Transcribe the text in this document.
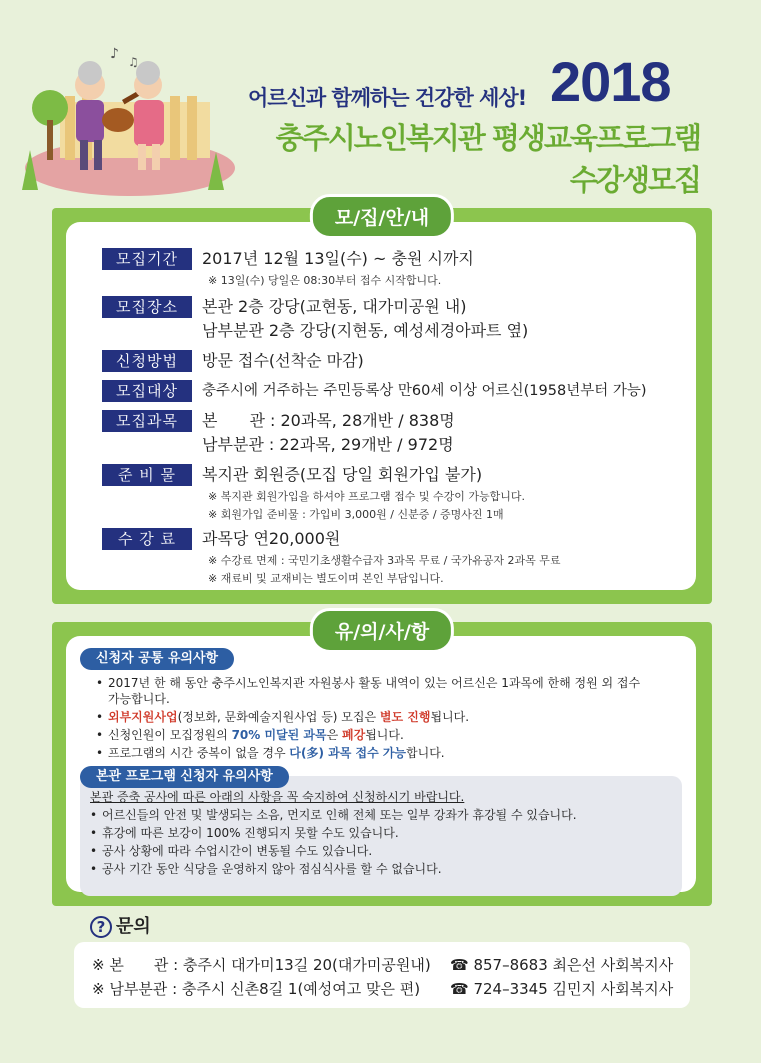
♪ ♫
어르신과 함께하는 건강한 세상! 2018
충주시노인복지관 평생교육프로그램
수강생모집
모집기간	2017년 12월 13일(수) ~ 충원 시까지
※ 13일(수) 당일은 08:30부터 접수 시작합니다.
모집장소	본관 2층 강당(교현동, 대가미공원 내)
남부분관 2층 강당(지현동, 예성세경아파트 옆)
신청방법	방문 접수(선착순 마감)
모집대상	충주시에 거주하는 주민등록상 만60세 이상 어르신(1958년부터 가능)
모집과목	본　　관 : 20과목, 28개반 / 838명
남부분관 : 22과목, 29개반 / 972명
준 비 물	복지관 회원증(모집 당일 회원가입 불가)
※ 복지관 회원가입을 하셔야 프로그램 접수 및 수강이 가능합니다.
※ 회원가입 준비물 : 가입비 3,000원 / 신분증 / 증명사진 1매
수 강 료	과목당 연20,000원
※ 수강료 면제 : 국민기초생활수급자 3과목 무료 / 국가유공자 2과목 무료
※ 재료비 및 교재비는 별도이며 본인 부담입니다.
모/집/안/내
신청자 공통 유의사항
• 2017년 한 해 동안 충주시노인복지관 자원봉사 활동 내역이 있는 어르신은 1과목에 한해 정원 외 접수
가능합니다.
• 외부지원사업(정보화, 문화예술지원사업 등) 모집은 별도 진행됩니다.
• 신청인원이 모집정원의 70% 미달된 과목은 폐강됩니다.
• 프로그램의 시간 중복이 없을 경우 다(多) 과목 접수 가능합니다.
본관 증축 공사에 따른 아래의 사항을 꼭 숙지하여 신청하시기 바랍니다.
• 어르신들의 안전 및 발생되는 소음, 먼지로 인해 전체 또는 일부 강좌가 휴강될 수 있습니다.
• 휴강에 따른 보강이 100% 진행되지 못할 수도 있습니다.
• 공사 상황에 따라 수업시간이 변동될 수도 있습니다.
• 공사 기간 동안 식당을 운영하지 않아 점심식사를 할 수 없습니다.
본관 프로그램 신청자 유의사항
유/의/사/항
? 문의
※ 본　　관 : 충주시 대가미13길 20(대가미공원내) ☎ 857–8683 최은선 사회복지사
※ 남부분관 : 충주시 신촌8길 1(예성여고 맞은 편) ☎ 724–3345 김민지 사회복지사
